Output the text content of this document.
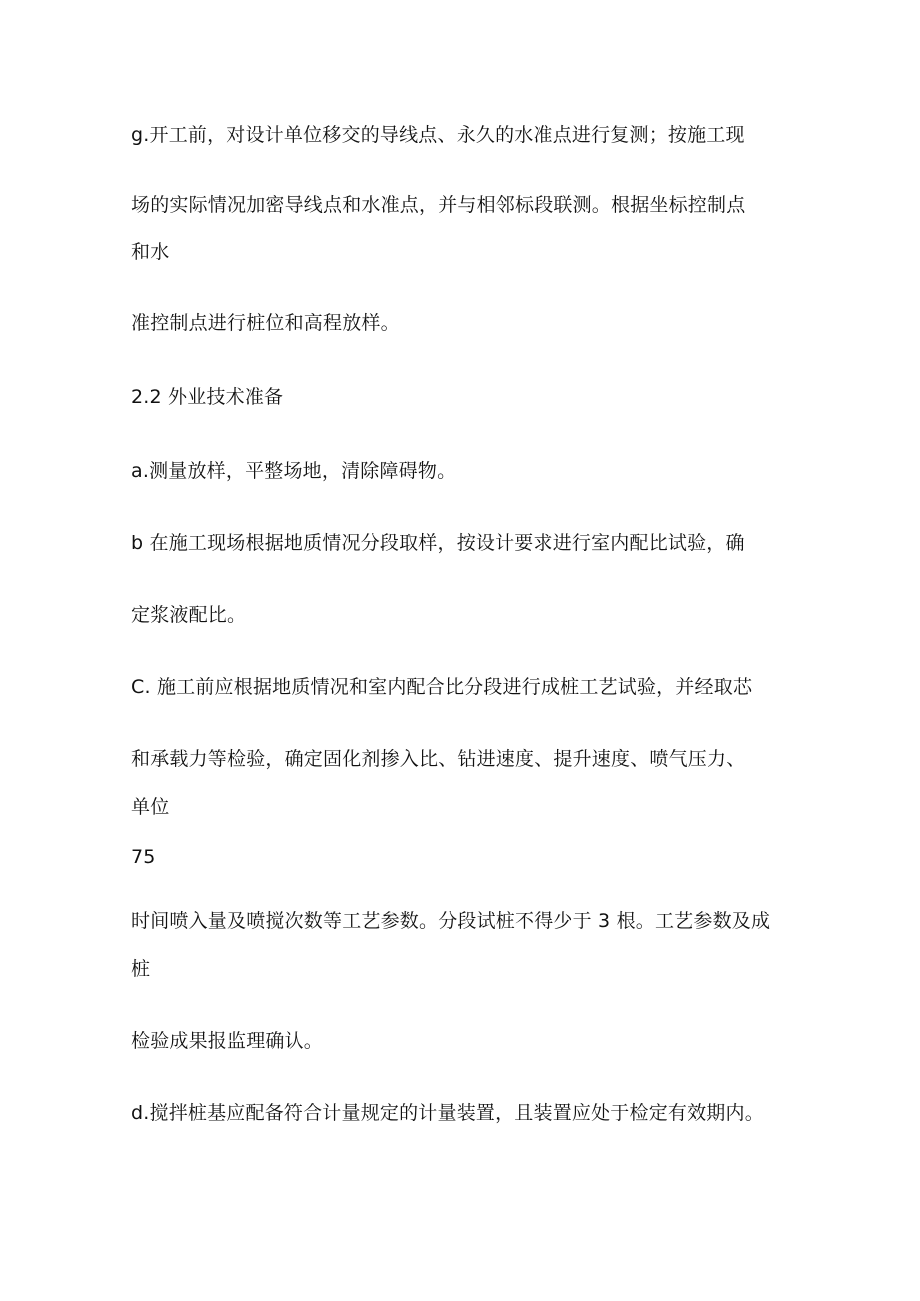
g.开工前，对设计单位移交的导线点、永久的水准点进行复测；按施工现
场的实际情况加密导线点和水准点，并与相邻标段联测。根据坐标控制点
和水
准控制点进行桩位和高程放样。
2.2 外业技术准备
a.测量放样，平整场地，清除障碍物。
b 在施工现场根据地质情况分段取样，按设计要求进行室内配比试验，确
定浆液配比。
C. 施工前应根据地质情况和室内配合比分段进行成桩工艺试验，并经取芯
和承载力等检验，确定固化剂掺入比、钻进速度、提升速度、喷气压力、
单位
75
时间喷入量及喷搅次数等工艺参数。分段试桩不得少于 3 根。工艺参数及成
桩
检验成果报监理确认。
d.搅拌桩基应配备符合计量规定的计量装置，且装置应处于检定有效期内。
